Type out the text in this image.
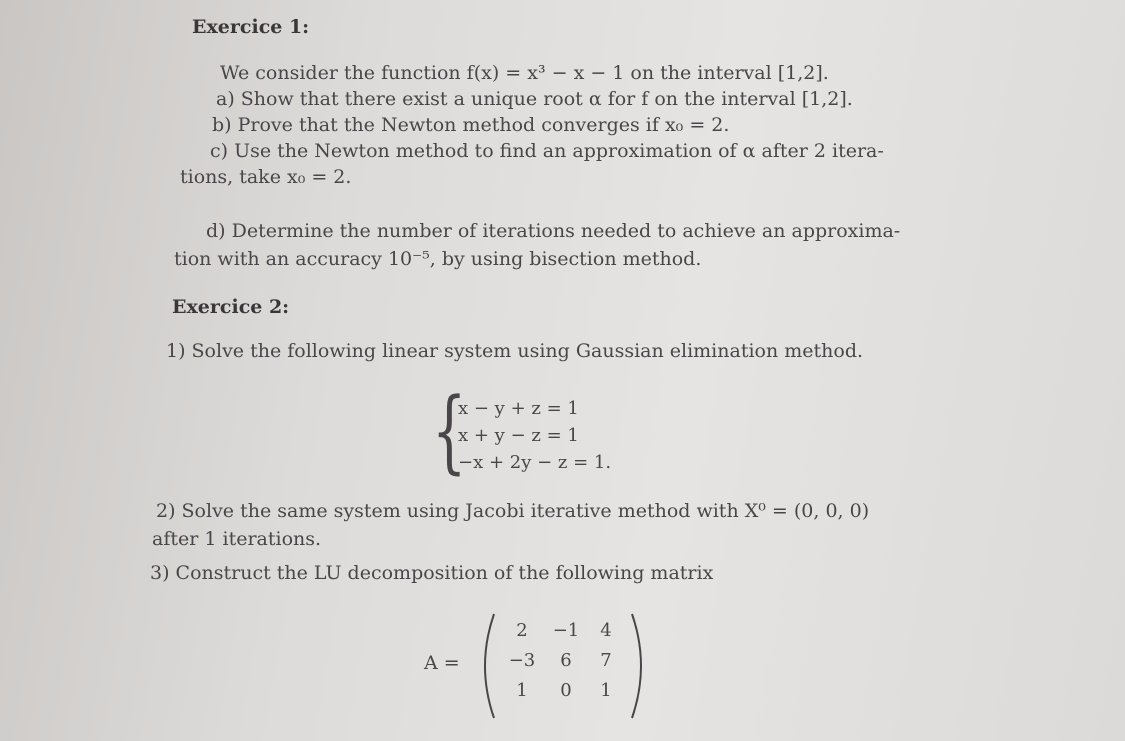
Exercice 1:
We consider the function f(x) = x³ − x − 1 on the interval [1,2].
a) Show that there exist a unique root α for f on the interval [1,2].
b) Prove that the Newton method converges if x₀ = 2.
c) Use the Newton method to find an approximation of α after 2 itera-
tions, take x₀ = 2.
d) Determine the number of iterations needed to achieve an approxima-
tion with an accuracy 10⁻⁵, by using bisection method.
Exercice 2:
1) Solve the following linear system using Gaussian elimination method.
{
x − y + z = 1
x + y − z = 1
−x + 2y − z = 1.
2) Solve the same system using Jacobi iterative method with X⁰ = (0, 0, 0)
after 1 iterations.
3) Construct the LU decomposition of the following matrix
A =
2	−1	4
−3	6	7
1	0	1
